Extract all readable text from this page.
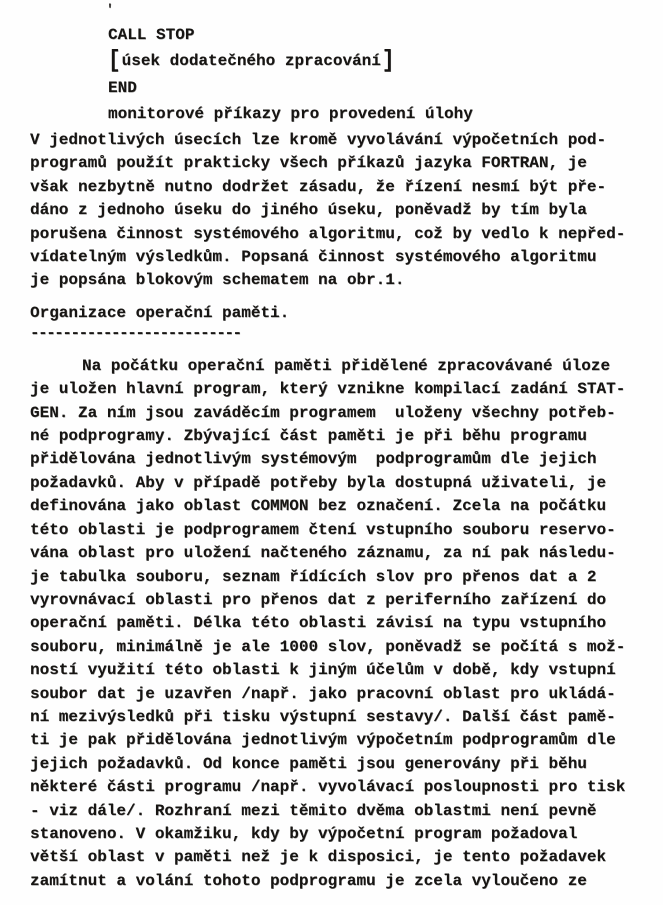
'
CALL STOP
[úsek dodatečného zpracování]
END
monitorové příkazy pro provedení úlohy
V jednotlivých úsecích lze kromě vyvolávání výpočetních pod-
programů použít prakticky všech příkazů jazyka FORTRAN, je
však nezbytně nutno dodržet zásadu, že řízení nesmí být pře-
dáno z jednoho úseku do jiného úseku, poněvadž by tím byla
porušena činnost systémového algoritmu, což by vedlo k nepřed-
vídatelným výsledkům. Popsaná činnost systémového algoritmu
je popsána blokovým schematem na obr.1.
Organizace operační paměti.
--------------------------
Na počátku operační paměti přidělené zpracovávané úloze
je uložen hlavní program, který vznikne kompilací zadání STAT-
GEN. Za ním jsou zaváděcím programem  uloženy všechny potřeb-
né podprogramy. Zbývající část paměti je při běhu programu
přidělována jednotlivým systémovým  podprogramům dle jejich
požadavků. Aby v případě potřeby byla dostupná uživateli, je
definována jako oblast COMMON bez označení. Zcela na počátku
této oblasti je podprogramem čtení vstupního souboru reservo-
vána oblast pro uložení načteného záznamu, za ní pak následu-
je tabulka souboru, seznam řídících slov pro přenos dat a 2
vyrovnávací oblasti pro přenos dat z periferního zařízení do
operační paměti. Délka této oblasti závisí na typu vstupního
souboru, minimálně je ale 1000 slov, poněvadž se počítá s mož-
ností využití této oblasti k jiným účelům v době, kdy vstupní
soubor dat je uzavřen /např. jako pracovní oblast pro ukládá-
ní mezivýsledků při tisku výstupní sestavy/. Další část pamě-
ti je pak přidělována jednotlivým výpočetním podprogramům dle
jejich požadavků. Od konce paměti jsou generovány při běhu
některé části programu /např. vyvolávací posloupnosti pro tisk
- viz dále/. Rozhraní mezi těmito dvěma oblastmi není pevně
stanoveno. V okamžiku, kdy by výpočetní program požadoval
větší oblast v paměti než je k disposici, je tento požadavek
zamítnut a volání tohoto podprogramu je zcela vyloučeno ze
